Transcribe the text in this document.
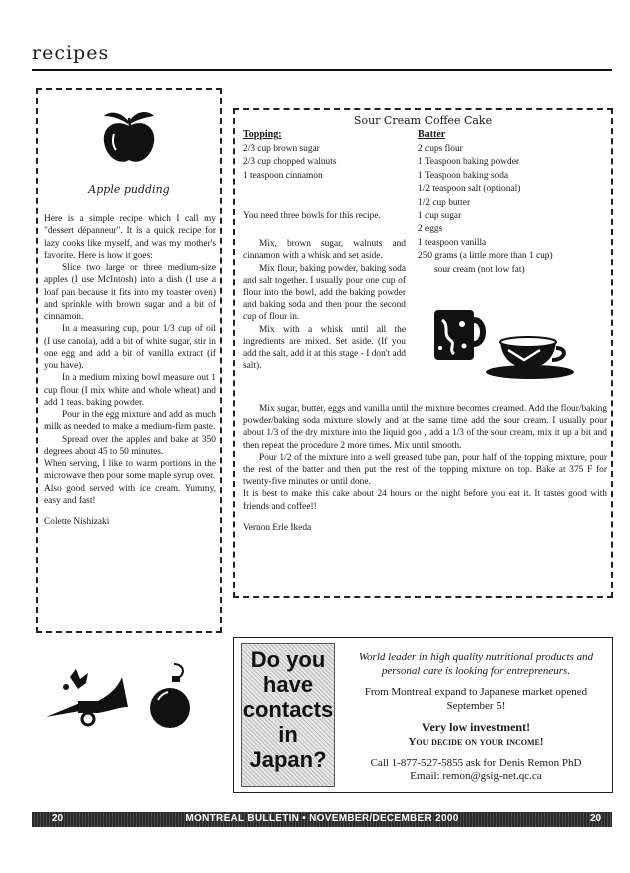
recipes
Apple pudding

Here is a simple recipe which I call my "dessert dépanneur". It is a quick recipe for lazy cooks like myself, and was my mother's favorite. Here is how it goes:

Slice two large or three medium-size apples (I use McIntosh) into a dish (I use a loaf pan because it fits into my toaster oven) and sprinkle with brown sugar and a bit of cinnamon.

In a measuring cup, pour 1/3 cup of oil (I use canola), add a bit of white sugar, stir in one egg and add a bit of vanilla extract (if you have).

In a medium mixing bowl measure out 1 cup flour (I mix white and whole wheat) and add 1 teas. baking powder.

Pour in the egg mixture and add as much milk as needed to make a medium-firm paste.

Spread over the apples and bake at 350 degrees about 45 to 50 minutes.

When serving, I like to warm portions in the microwave then pour some maple syrup over.

Also good served with ice cream. Yummy, easy and fast!

Colette Nishizaki

Sour Cream Coffee Cake
Topping:
2/3 cup brown sugar
2/3 cup chopped walnuts
1 teaspoon cinnamon
Batter
2 cups flour
1 Teaspoon baking powder
1 Teaspoon baking soda
1/2 teaspoon salt (optional)
1/2 cup butter
1 cup sugar
2 eggs
1 teaspoon vanilla
250 grams (a little more than 1 cup)
sour cream (not low fat)

You need three bowls for this recipe.

Mix, brown sugar, walnuts and cinnamon with a whisk and set aside.

Mix flour, baking powder, baking soda and salt together. I usually pour one cup of flour into the bowl, add the baking powder and baking soda and then pour the second cup of flour in.

Mix with a whisk until all the ingredients are mixed. Set aside. (If you add the salt, add it at this stage - I don't add salt).

Mix sugar, butter, eggs and vanilla until the mixture becomes creamed. Add the flour/baking powder/baking soda mixture slowly and at the same time add the sour cream. I usually pour about 1/3 of the dry mixture into the liquid goo , add a 1/3 of the sour cream, mix it up a bit and then repeat the procedure 2 more times. Mix until smooth.

Pour 1/2 of the mixture into a well greased tube pan, pour half of the topping mixture, pour the rest of the batter and then put the rest of the topping mixture on top. Bake at 375 F for twenty-five minutes or until done.

It is best to make this cake about 24 hours or the night before you eat it. It tastes good with friends and coffee!!

Vernon Erle Ikeda

Do you
have
contacts
in
Japan?
World leader in high quality nutritional products and personal care is looking for entrepreneurs.
From Montreal expand to Japanese market opened September 5!
Very low investment!
You decide on your income!
Call 1-877-527-5855 ask for Denis Remon PhD
Email: remon@gsig-net.qc.ca
20	MONTREAL BULLETIN • NOVEMBER/DECEMBER 2000	20
